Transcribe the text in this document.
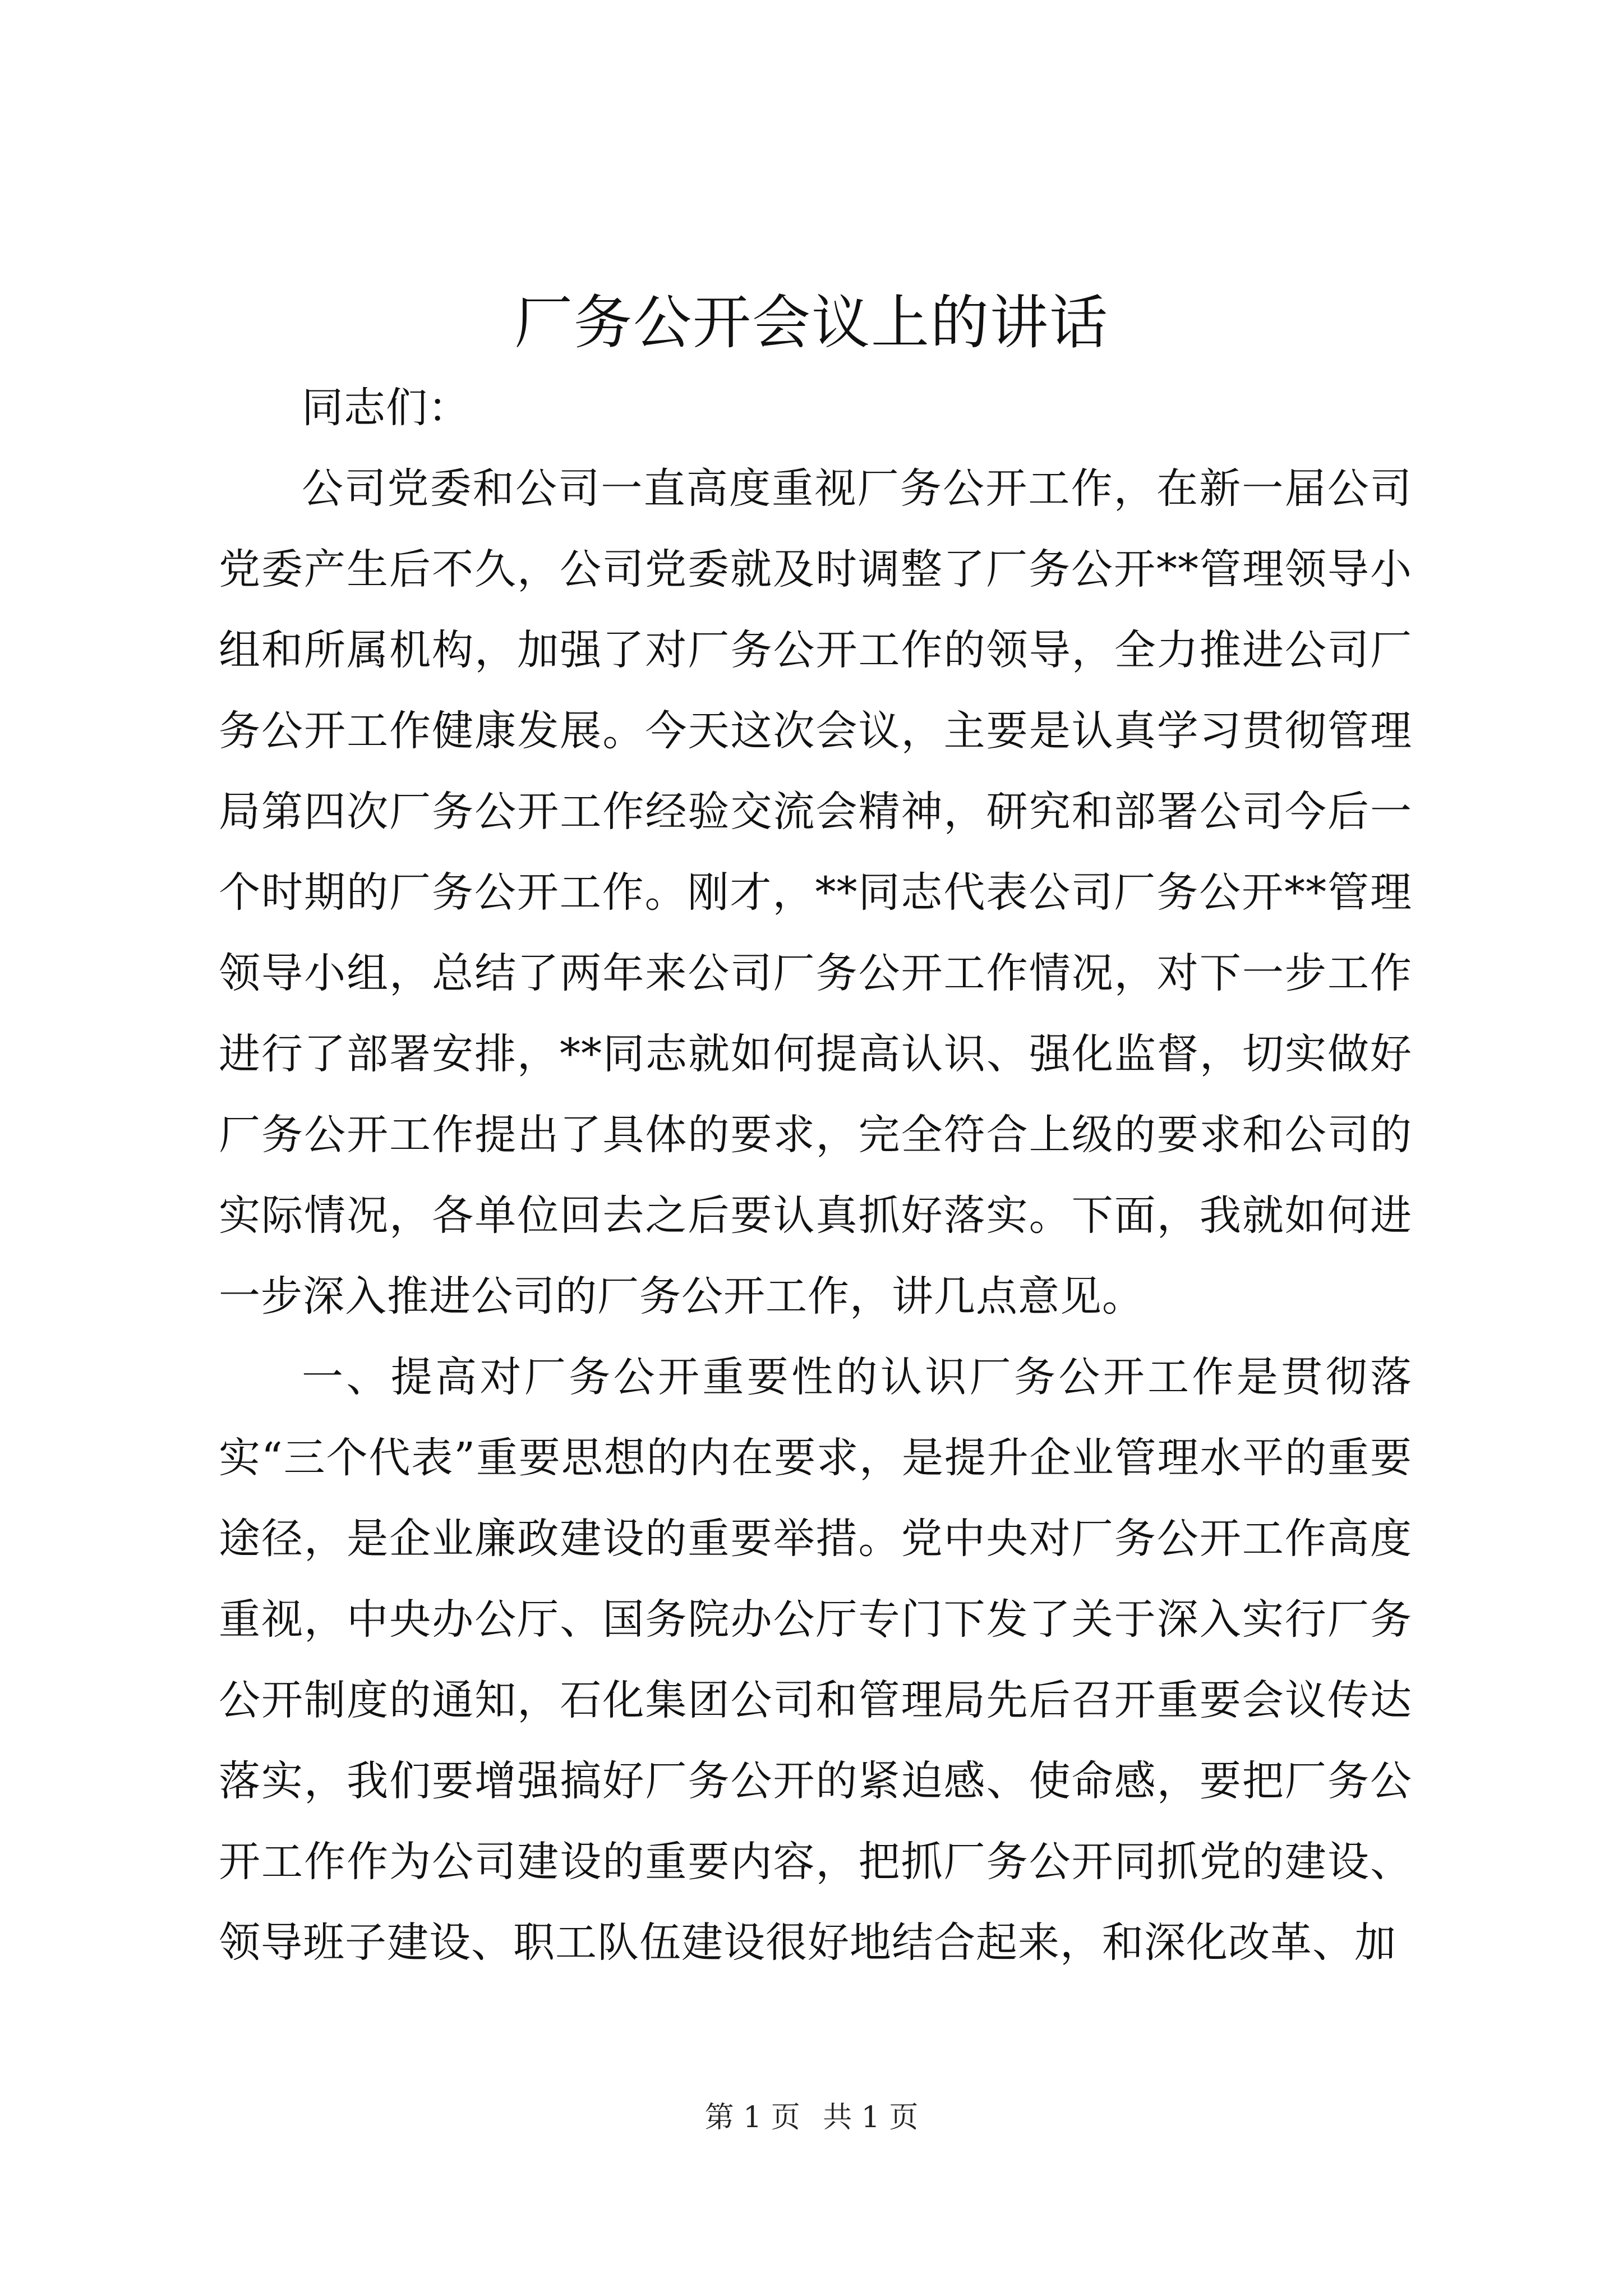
厂务公开会议上的讲话

同志们：

公司党委和公司一直高度重视厂务公开工作，在新一届公司党委产生后不久，公司党委就及时调整了厂务公开**管理领导小组和所属机构，加强了对厂务公开工作的领导，全力推进公司厂务公开工作健康发展。今天这次会议，主要是认真学习贯彻管理局第四次厂务公开工作经验交流会精神，研究和部署公司今后一个时期的厂务公开工作。刚才，**同志代表公司厂务公开**管理领导小组，总结了两年来公司厂务公开工作情况，对下一步工作进行了部署安排，**同志就如何提高认识、强化监督，切实做好厂务公开工作提出了具体的要求，完全符合上级的要求和公司的实际情况，各单位回去之后要认真抓好落实。下面，我就如何进一步深入推进公司的厂务公开工作，讲几点意见。

一、提高对厂务公开重要性的认识厂务公开工作是贯彻落实“三个代表”重要思想的内在要求，是提升企业管理水平的重要途径，是企业廉政建设的重要举措。党中央对厂务公开工作高度重视，中央办公厅、国务院办公厅专门下发了关于深入实行厂务公开制度的通知，石化集团公司和管理局先后召开重要会议传达落实，我们要增强搞好厂务公开的紧迫感、使命感，要把厂务公开工作作为公司建设的重要内容，把抓厂务公开同抓党的建设、领导班子建设、职工队伍建设很好地结合起来，和深化改革、加

第 1 页 共 1 页
